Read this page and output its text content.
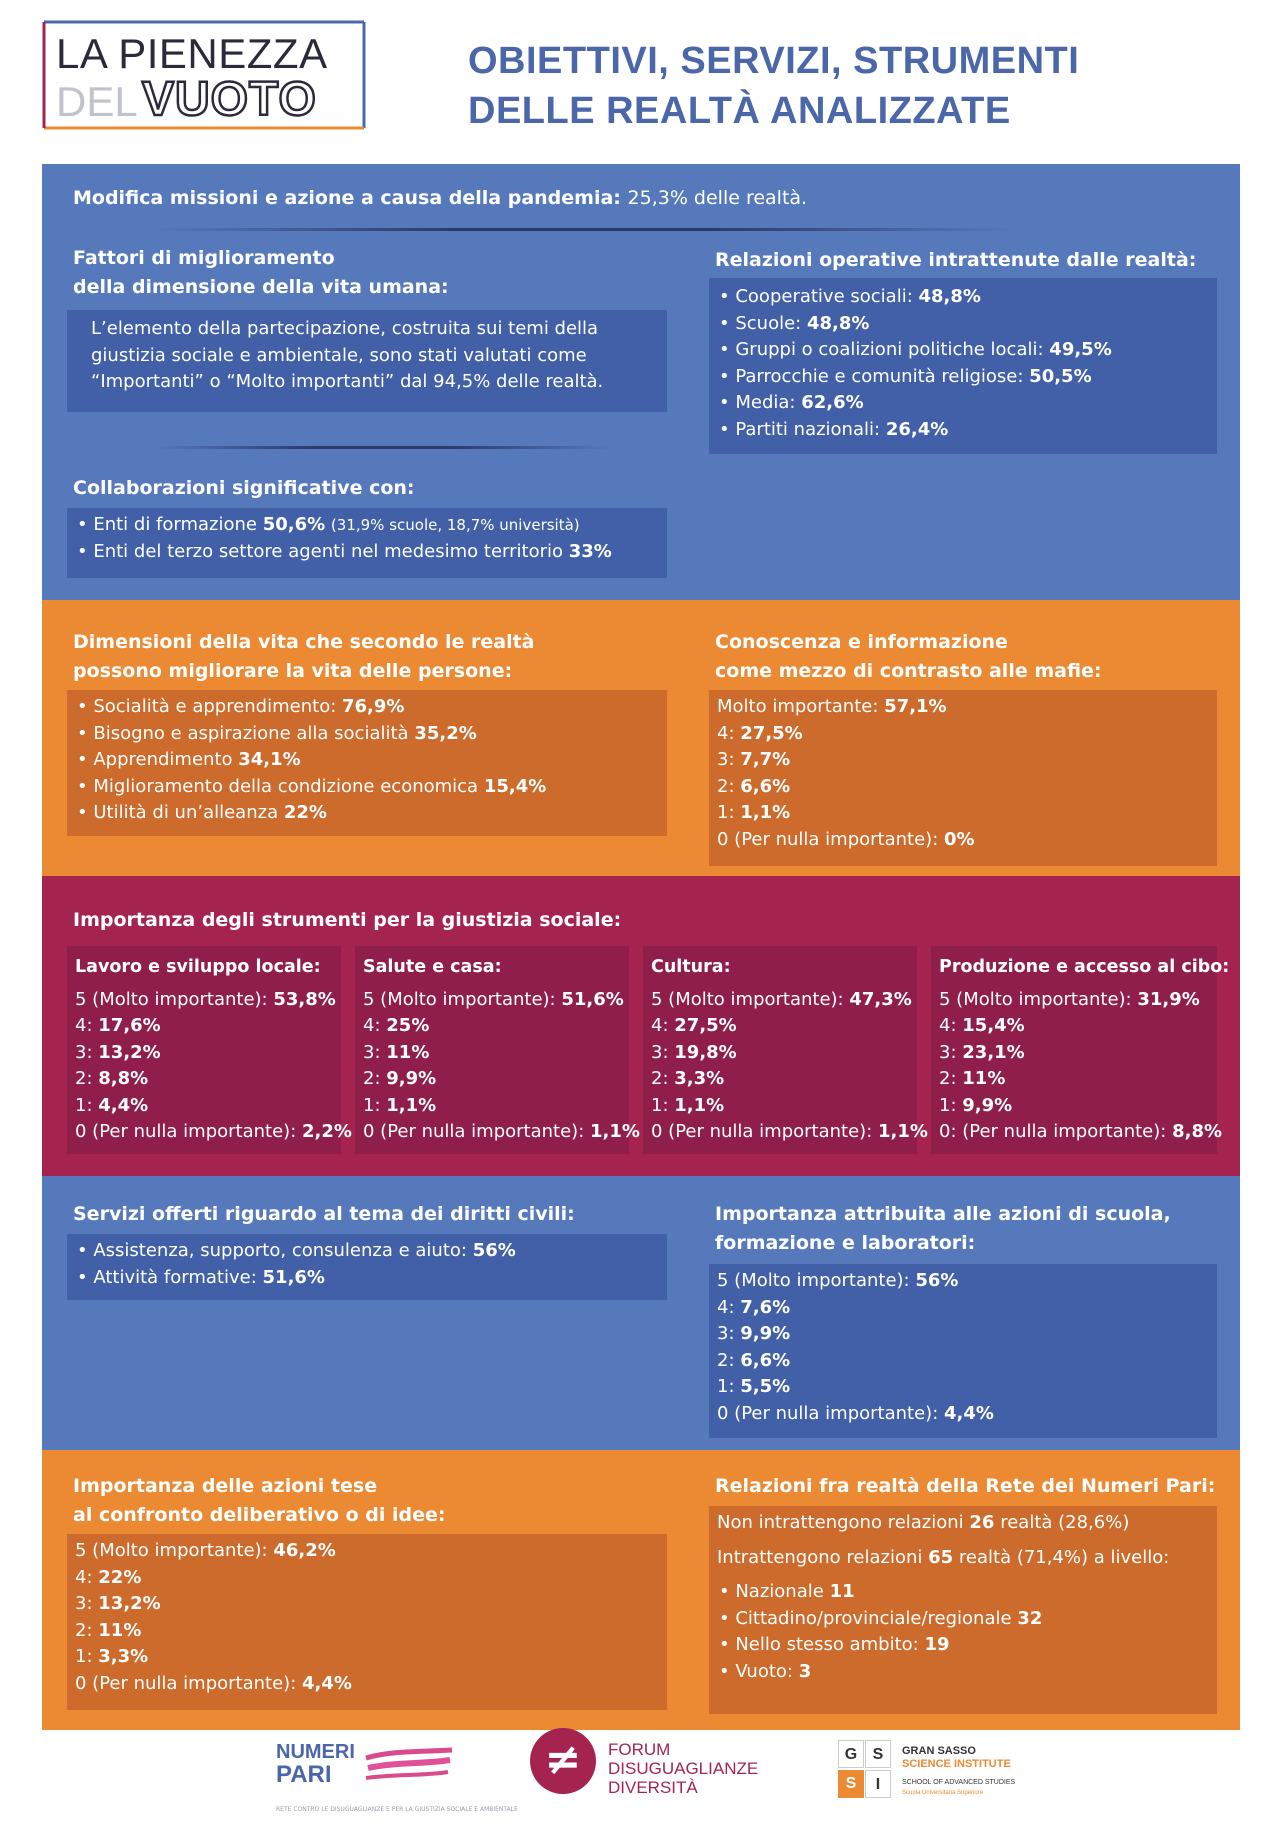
LA PIENEZZA
DEL VUOTO
OBIETTIVI, SERVIZI, STRUMENTI
DELLE REALTÀ ANALIZZATE
Modifica missioni e azione a causa della pandemia: 25,3% delle realtà.
Fattori di miglioramento
della dimensione della vita umana:
L’elemento della partecipazione, costruita sui temi della
giustizia sociale e ambientale, sono stati valutati come
“Importanti” o “Molto importanti” dal 94,5% delle realtà.
Relazioni operative intrattenute dalle realtà:
• Cooperative sociali: 48,8%
• Scuole: 48,8%
• Gruppi o coalizioni politiche locali: 49,5%
• Parrocchie e comunità religiose: 50,5%
• Media: 62,6%
• Partiti nazionali: 26,4%
Collaborazioni significative con:
• Enti di formazione 50,6% (31,9% scuole, 18,7% università)
• Enti del terzo settore agenti nel medesimo territorio 33%
Dimensioni della vita che secondo le realtà
possono migliorare la vita delle persone:
• Socialità e apprendimento: 76,9%
• Bisogno e aspirazione alla socialità 35,2%
• Apprendimento 34,1%
• Miglioramento della condizione economica 15,4%
• Utilità di un’alleanza 22%
Conoscenza e informazione
come mezzo di contrasto alle mafie:
Molto importante: 57,1%
4: 27,5%
3: 7,7%
2: 6,6%
1: 1,1%
0 (Per nulla importante): 0%
Importanza degli strumenti per la giustizia sociale:
Lavoro e sviluppo locale:
5 (Molto importante): 53,8%
4: 17,6%
3: 13,2%
2: 8,8%
1: 4,4%
0 (Per nulla importante): 2,2%
Salute e casa:
5 (Molto importante): 51,6%
4: 25%
3: 11%
2: 9,9%
1: 1,1%
0 (Per nulla importante): 1,1%
Cultura:
5 (Molto importante): 47,3%
4: 27,5%
3: 19,8%
2: 3,3%
1: 1,1%
0 (Per nulla importante): 1,1%
Produzione e accesso al cibo:
5 (Molto importante): 31,9%
4: 15,4%
3: 23,1%
2: 11%
1: 9,9%
0: (Per nulla importante): 8,8%
Servizi offerti riguardo al tema dei diritti civili:
• Assistenza, supporto, consulenza e aiuto: 56%
• Attività formative: 51,6%
Importanza attribuita alle azioni di scuola,
formazione e laboratori:
5 (Molto importante): 56%
4: 7,6%
3: 9,9%
2: 6,6%
1: 5,5%
0 (Per nulla importante): 4,4%
Importanza delle azioni tese
al confronto deliberativo o di idee:
5 (Molto importante): 46,2%
4: 22%
3: 13,2%
2: 11%
1: 3,3%
0 (Per nulla importante): 4,4%
Relazioni fra realtà della Rete dei Numeri Pari:
Non intrattengono relazioni 26 realtà (28,6%)
Intrattengono relazioni 65 realtà (71,4%) a livello:
• Nazionale 11
• Cittadino/provinciale/regionale 32
• Nello stesso ambito: 19
• Vuoto: 3
NUMERI
PARI
RETE CONTRO LE DISUGUAGLIANZE E PER LA GIUSTIZIA SOCIALE E AMBIENTALE
≠	FORUM
DISUGUAGLIANZE
DIVERSITÀ
G S
S	I
GRAN SASSO
SCIENCE INSTITUTE
SCHOOL OF ADVANCED STUDIES
Scuola Universitaria Superiore
